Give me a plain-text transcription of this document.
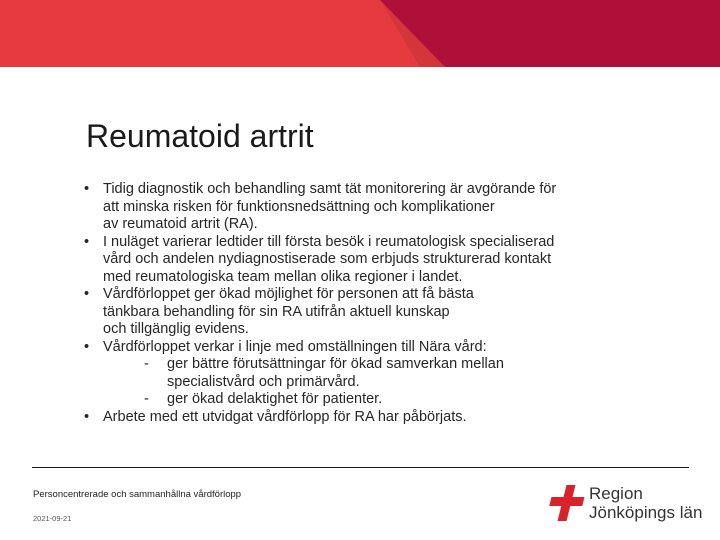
Reumatoid artrit
• Tidig diagnostik och behandling samt tät monitorering är avgörande för
att minska risken för funktionsnedsättning och komplikationer
av reumatoid artrit (RA).
• I nuläget varierar ledtider till första besök i reumatologisk specialiserad
vård och andelen nydiagnostiserade som erbjuds strukturerad kontakt
med reumatologiska team mellan olika regioner i landet.
• Vårdförloppet ger ökad möjlighet för personen att få bästa
tänkbara behandling för sin RA utifrån aktuell kunskap
och tillgänglig evidens.
• Vårdförloppet verkar i linje med omställningen till Nära vård:
- ger bättre förutsättningar för ökad samverkan mellan
specialistvård och primärvård.
- ger ökad delaktighet för patienter.
• Arbete med ett utvidgat vårdförlopp för RA har påbörjats.
Personcentrerade och sammanhållna vårdförlopp
2021-09-21
Region
Jönköpings län
